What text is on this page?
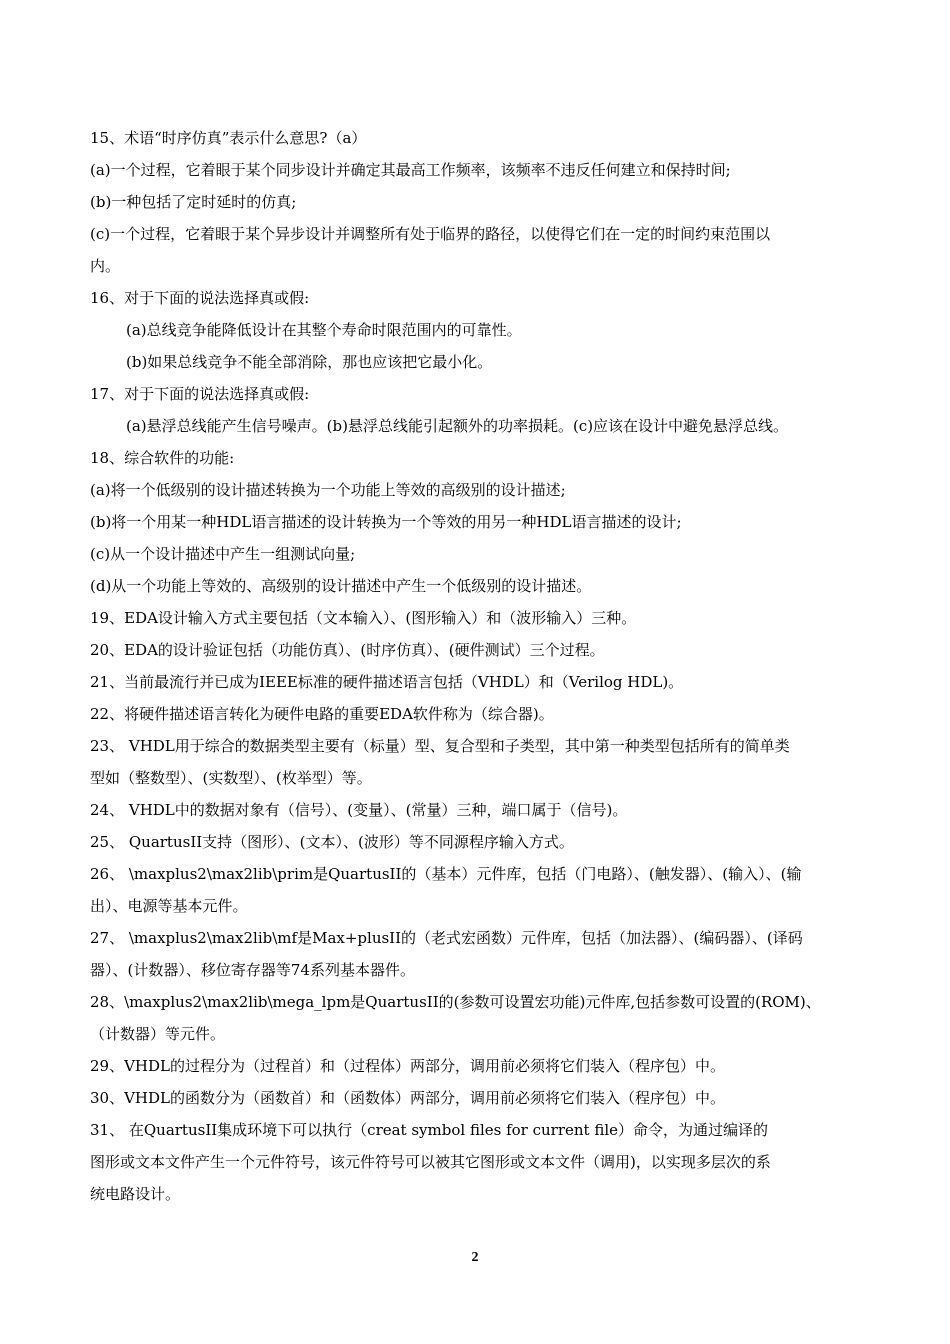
15、术语“时序仿真”表示什么意思?（a）
(a)一个过程，它着眼于某个同步设计并确定其最高工作频率，该频率不违反任何建立和保持时间;
(b)一种包括了定时延时的仿真;
(c)一个过程，它着眼于某个异步设计并调整所有处于临界的路径，以使得它们在一定的时间约束范围以
内。
16、对于下面的说法选择真或假:
(a)总线竞争能降低设计在其整个寿命时限范围内的可靠性。
(b)如果总线竞争不能全部消除，那也应该把它最小化。
17、对于下面的说法选择真或假:
(a)悬浮总线能产生信号噪声。(b)悬浮总线能引起额外的功率损耗。(c)应该在设计中避免悬浮总线。
18、综合软件的功能:
(a)将一个低级别的设计描述转换为一个功能上等效的高级别的设计描述;
(b)将一个用某一种HDL语言描述的设计转换为一个等效的用另一种HDL语言描述的设计;
(c)从一个设计描述中产生一组测试向量;
(d)从一个功能上等效的、高级别的设计描述中产生一个低级别的设计描述。
19、EDA设计输入方式主要包括（文本输入）、(图形输入）和（波形输入）三种。
20、EDA的设计验证包括（功能仿真）、(时序仿真）、(硬件测试）三个过程。
21、当前最流行并已成为IEEE标准的硬件描述语言包括（VHDL）和（Verilog HDL)。
22、将硬件描述语言转化为硬件电路的重要EDA软件称为（综合器)。
23、 VHDL用于综合的数据类型主要有（标量）型、复合型和子类型，其中第一种类型包括所有的简单类
型如（整数型）、(实数型）、(枚举型）等。
24、 VHDL中的数据对象有（信号）、(变量）、(常量）三种，端口属于（信号)。
25、 QuartusII支持（图形）、(文本）、(波形）等不同源程序输入方式。
26、 \maxplus2\max2lib\prim是QuartusII的（基本）元件库，包括（门电路）、(触发器）、(输入）、(输
出）、电源等基本元件。
27、 \maxplus2\max2lib\mf是Max+plusII的（老式宏函数）元件库，包括（加法器）、(编码器）、(译码
器）、(计数器）、移位寄存器等74系列基本器件。
28、\maxplus2\max2lib\mega_lpm是QuartusII的(参数可设置宏功能)元件库,包括参数可设置的(ROM)、
（计数器）等元件。
29、VHDL的过程分为（过程首）和（过程体）两部分，调用前必须将它们装入（程序包）中。
30、VHDL的函数分为（函数首）和（函数体）两部分，调用前必须将它们装入（程序包）中。
31、 在QuartusII集成环境下可以执行（creat symbol files for current file）命令，为通过编译的
图形或文本文件产生一个元件符号，该元件符号可以被其它图形或文本文件（调用)，以实现多层次的系
统电路设计。
2
